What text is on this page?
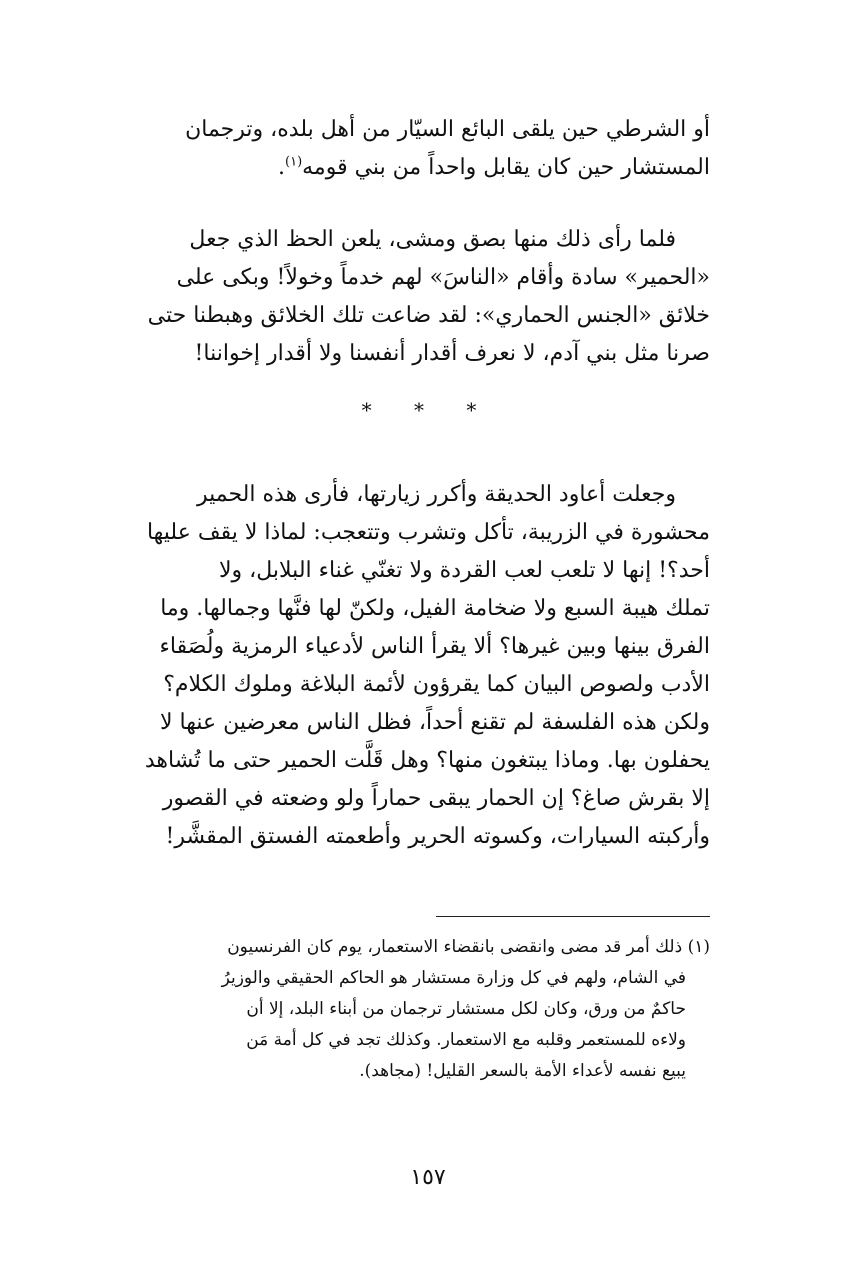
أو الشرطي حين يلقى البائع السيّار من أهل بلده، وترجمان
المستشار حين كان يقابل واحداً من بني قومه$^{(١)}$.
فلما رأى ذلك منها بصق ومشى، يلعن الحظ الذي جعل
«الحمير» سادة وأقام «الناسَ» لهم خدماً وخولاً! وبكى على
خلائق «الجنس الحماري»: لقد ضاعت تلك الخلائق وهبطنا حتى
صرنا مثل بني آدم، لا نعرف أقدار أنفسنا ولا أقدار إخواننا!
* * *
وجعلت أعاود الحديقة وأكرر زيارتها، فأرى هذه الحمير
محشورة في الزريبة، تأكل وتشرب وتتعجب: لماذا لا يقف عليها
أحد؟! إنها لا تلعب لعب القردة ولا تغنّي غناء البلابل، ولا
تملك هيبة السبع ولا ضخامة الفيل، ولكنّ لها فنَّها وجمالها. وما
الفرق بينها وبين غيرها؟ ألا يقرأ الناس لأدعياء الرمزية ولُصَقاء
الأدب ولصوص البيان كما يقرؤون لأئمة البلاغة وملوك الكلام؟
ولكن هذه الفلسفة لم تقنع أحداً، فظل الناس معرضين عنها لا
يحفلون بها. وماذا يبتغون منها؟ وهل قَلَّت الحمير حتى ما تُشاهد
إلا بقرش صاغ؟ إن الحمار يبقى حماراً ولو وضعته في القصور
وأركبته السيارات، وكسوته الحرير وأطعمته الفستق المقشَّر!
(١) ذلك أمر قد مضى وانقضى بانقضاء الاستعمار، يوم كان الفرنسيون
في الشام، ولهم في كل وزارة مستشار هو الحاكم الحقيقي والوزيرُ
حاكمٌ من ورق، وكان لكل مستشار ترجمان من أبناء البلد، إلا أن
ولاءه للمستعمر وقلبه مع الاستعمار. وكذلك تجد في كل أمة مَن
يبيع نفسه لأعداء الأمة بالسعر القليل! (مجاهد).
١٥٧
